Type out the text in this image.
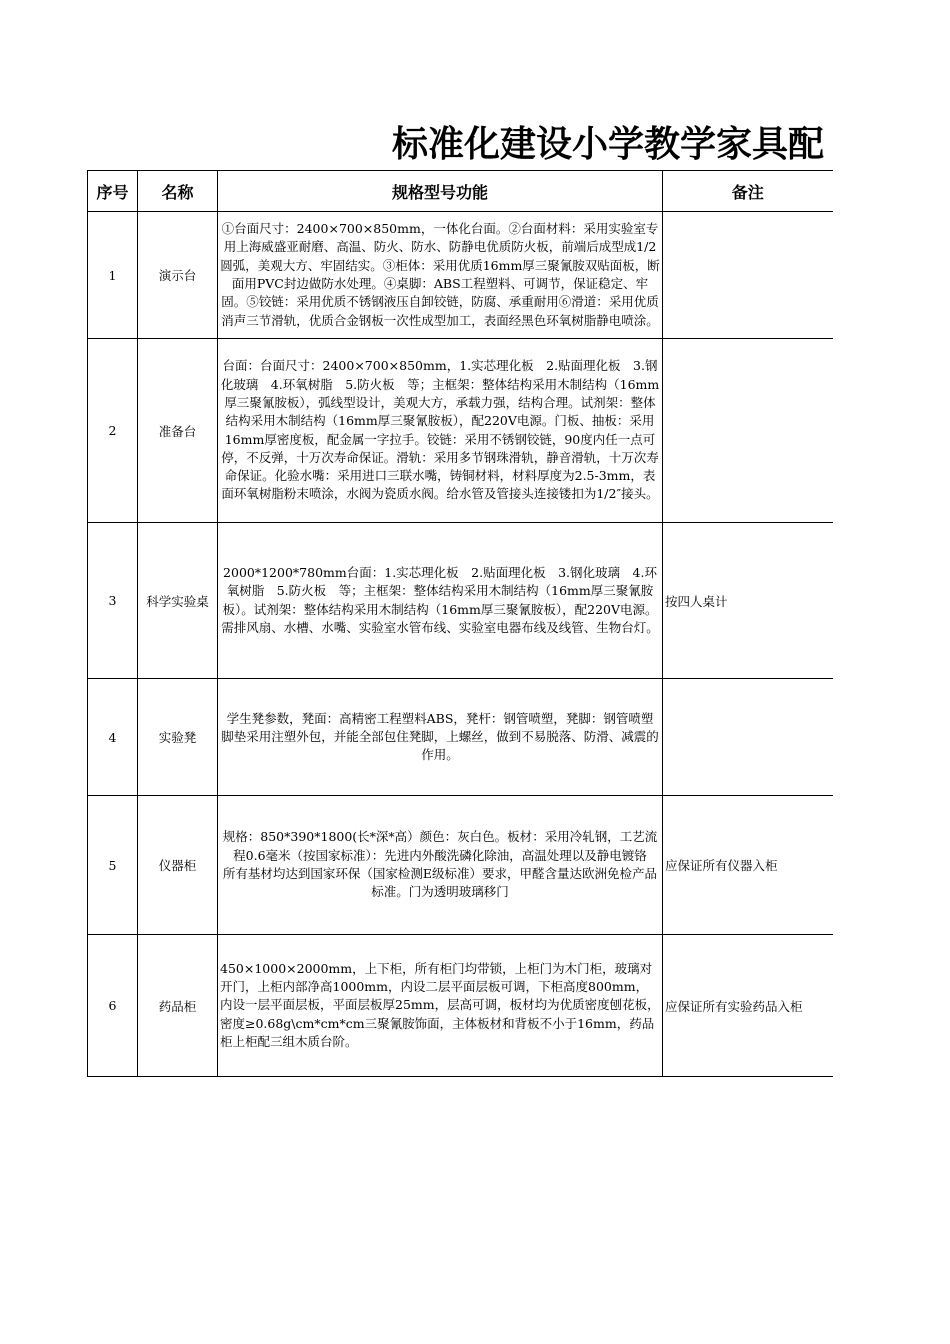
标准化建设小学教学家具配
序号	名称	规格型号功能	备注
1	演示台	①台面尺寸：2400×700×850mm，一体化台面。②台面材料：采用实验室专用上海威盛亚耐磨、高温、防火、防水、防静电优质防火板，前端后成型成1/2圆弧，美观大方、牢固结实。③柜体：采用优质16mm厚三聚氰胺双贴面板，断面用PVC封边做防水处理。④桌脚：ABS工程塑料、可调节，保证稳定、牢固。⑤铰链：采用优质不锈钢液压自卸铰链，防腐、承重耐用⑥滑道：采用优质消声三节滑轨，优质合金钢板一次性成型加工，表面经黑色环氧树脂静电喷涂。	
2	准备台	台面：台面尺寸：2400×700×850mm，1.实芯理化板　2.贴面理化板　3.钢化玻璃　4.环氧树脂　5.防火板　等；主框架：整体结构采用木制结构（16mm厚三聚氰胺板），弧线型设计，美观大方，承载力强，结构合理。试剂架：整体结构采用木制结构（16mm厚三聚氰胺板），配220V电源。门板、抽板：采用16mm厚密度板，配金属一字拉手。铰链：采用不锈钢铰链，90度内任一点可停，不反弹，十万次寿命保证。滑轨：采用多节钢珠滑轨，静音滑轨，十万次寿命保证。化验水嘴：采用进口三联水嘴，铸铜材料，材料厚度为2.5-3mm，表面环氧树脂粉末喷涂，水阀为瓷质水阀。给水管及管接头连接镂扣为1/2″接头。	
3	科学实验桌	2000*1200*780mm台面：1.实芯理化板　2.贴面理化板　3.钢化玻璃　4.环氧树脂　5.防火板　等；主框架：整体结构采用木制结构（16mm厚三聚氰胺板）。试剂架：整体结构采用木制结构（16mm厚三聚氰胺板），配220V电源。需排风扇、水槽、水嘴、实验室水管布线、实验室电器布线及线管、生物台灯。	按四人桌计
4	实验凳	学生凳参数，凳面：高精密工程塑料ABS，凳杆：钢管喷塑，凳脚：钢管喷塑　脚垫采用注塑外包，并能全部包住凳脚，上螺丝，做到不易脱落、防滑、减震的作用。	
5	仪器柜	规格：850*390*1800(长*深*高）颜色：灰白色。板材：采用冷轧钢，工艺流程0.6毫米（按国家标准）：先进内外酸洗磷化除油，高温处理以及静电镀铬
所有基材均达到国家环保（国家检测E级标准）要求，甲醛含量达欧洲免检产品标准。门为透明玻璃移门	应保证所有仪器入柜
6	药品柜	450×1000×2000mm，上下柜，所有柜门均带锁，上柜门为木门柜，玻璃对开门，上柜内部净高1000mm，内设二层平面层板可调，下柜高度800mm，内设一层平面层板，平面层板厚25mm，层高可调，板材均为优质密度刨花板，密度≥0.68g\cm*cm*cm三聚氰胺饰面，主体板材和背板不小于16mm，药品柜上柜配三组木质台阶。	应保证所有实验药品入柜
